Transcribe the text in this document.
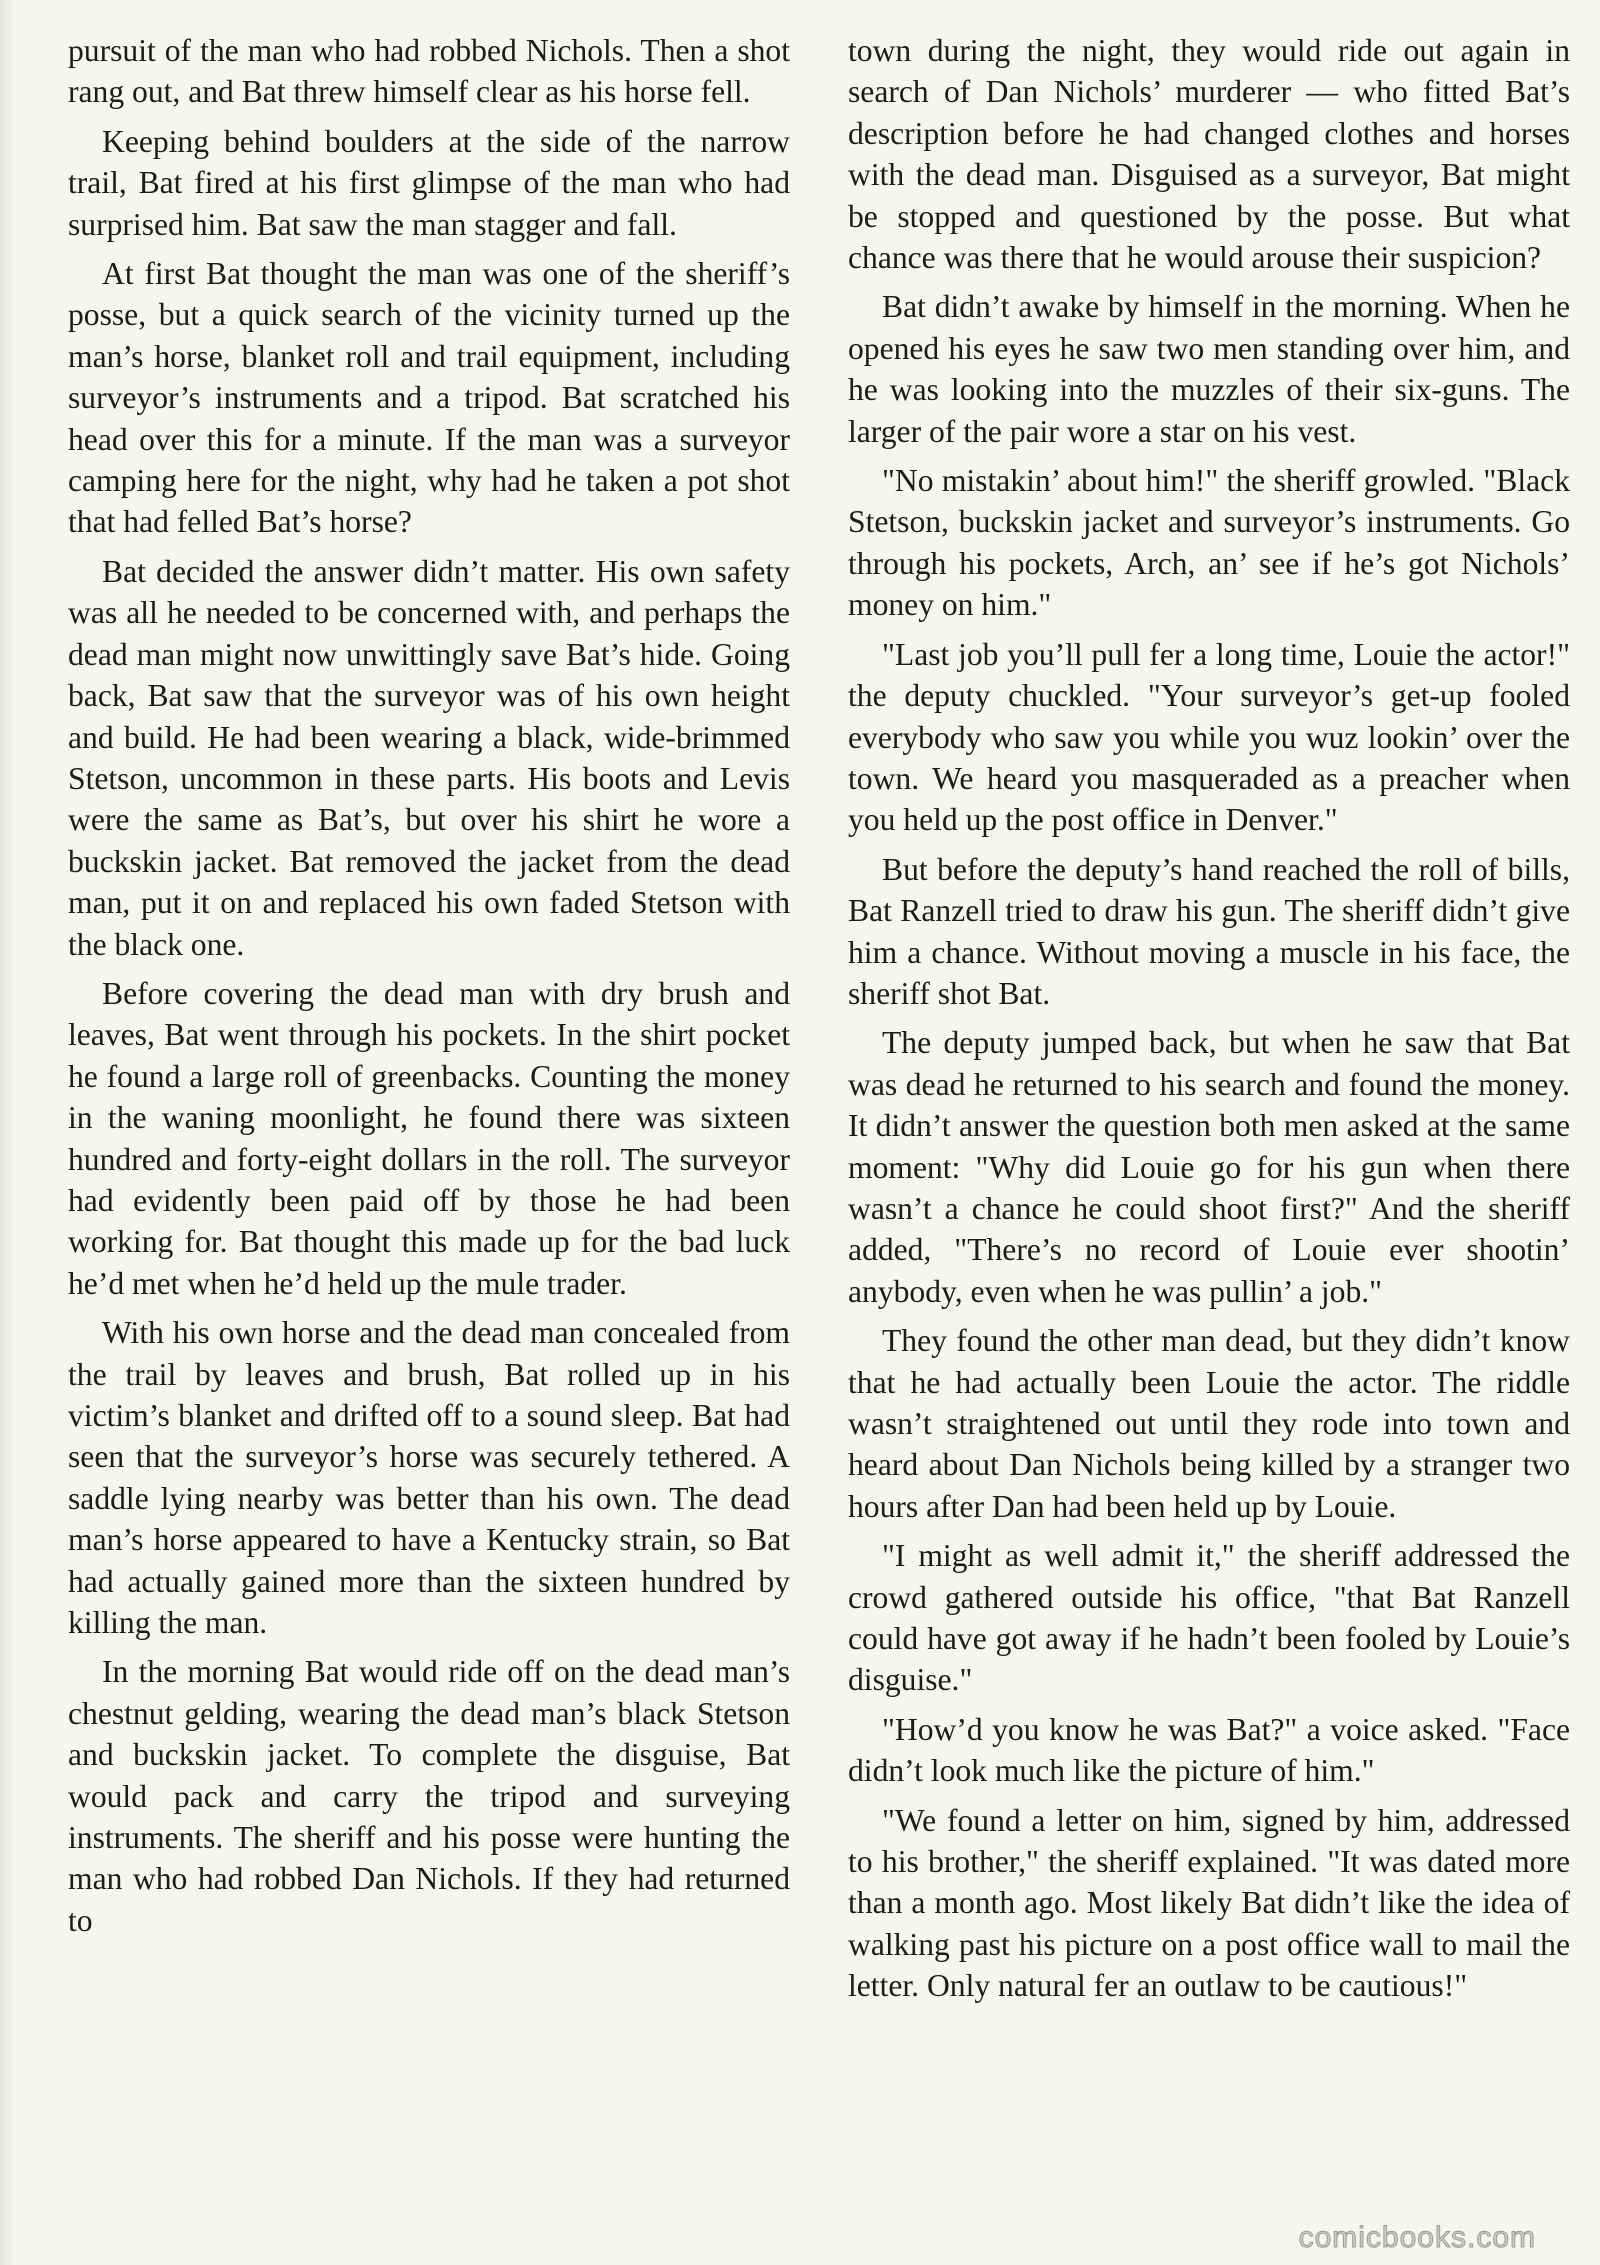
pursuit of the man who had robbed Nichols. Then a shot rang out, and Bat threw himself clear as his horse fell.

Keeping behind boulders at the side of the narrow trail, Bat fired at his first glimpse of the man who had surprised him. Bat saw the man stagger and fall.

At first Bat thought the man was one of the sheriff’s posse, but a quick search of the vicinity turned up the man’s horse, blanket roll and trail equipment, including surveyor’s instruments and a tripod. Bat scratched his head over this for a minute. If the man was a surveyor camping here for the night, why had he taken a pot shot that had felled Bat’s horse?

Bat decided the answer didn’t matter. His own safety was all he needed to be concerned with, and perhaps the dead man might now unwittingly save Bat’s hide. Going back, Bat saw that the surveyor was of his own height and build. He had been wearing a black, wide-brimmed Stetson, uncommon in these parts. His boots and Levis were the same as Bat’s, but over his shirt he wore a buckskin jacket. Bat removed the jacket from the dead man, put it on and replaced his own faded Stetson with the black one.

Before covering the dead man with dry brush and leaves, Bat went through his pockets. In the shirt pocket he found a large roll of greenbacks. Counting the money in the waning moonlight, he found there was sixteen hundred and forty-eight dollars in the roll. The surveyor had evidently been paid off by those he had been working for. Bat thought this made up for the bad luck he’d met when he’d held up the mule trader.

With his own horse and the dead man concealed from the trail by leaves and brush, Bat rolled up in his victim’s blanket and drifted off to a sound sleep. Bat had seen that the surveyor’s horse was securely tethered. A saddle lying nearby was better than his own. The dead man’s horse appeared to have a Kentucky strain, so Bat had actually gained more than the sixteen hundred by killing the man.

In the morning Bat would ride off on the dead man’s chestnut gelding, wearing the dead man’s black Stetson and buckskin jacket. To complete the disguise, Bat would pack and carry the tripod and surveying instruments. The sheriff and his posse were hunting the man who had robbed Dan Nichols. If they had returned to

town during the night, they would ride out again in search of Dan Nichols’ murderer — who fitted Bat’s description before he had changed clothes and horses with the dead man. Disguised as a surveyor, Bat might be stopped and questioned by the posse. But what chance was there that he would arouse their suspicion?

Bat didn’t awake by himself in the morning. When he opened his eyes he saw two men standing over him, and he was looking into the muzzles of their six-guns. The larger of the pair wore a star on his vest.

"No mistakin’ about him!" the sheriff growled. "Black Stetson, buckskin jacket and surveyor’s instruments. Go through his pockets, Arch, an’ see if he’s got Nichols’ money on him."

"Last job you’ll pull fer a long time, Louie the actor!" the deputy chuckled. "Your surveyor’s get-up fooled everybody who saw you while you wuz lookin’ over the town. We heard you masqueraded as a preacher when you held up the post office in Denver."

But before the deputy’s hand reached the roll of bills, Bat Ranzell tried to draw his gun. The sheriff didn’t give him a chance. Without moving a muscle in his face, the sheriff shot Bat.

The deputy jumped back, but when he saw that Bat was dead he returned to his search and found the money. It didn’t answer the question both men asked at the same moment: "Why did Louie go for his gun when there wasn’t a chance he could shoot first?" And the sheriff added, "There’s no record of Louie ever shootin’ anybody, even when he was pullin’ a job."

They found the other man dead, but they didn’t know that he had actually been Louie the actor. The riddle wasn’t straightened out until they rode into town and heard about Dan Nichols being killed by a stranger two hours after Dan had been held up by Louie.

"I might as well admit it," the sheriff addressed the crowd gathered outside his office, "that Bat Ranzell could have got away if he hadn’t been fooled by Louie’s disguise."

"How’d you know he was Bat?" a voice asked. "Face didn’t look much like the picture of him."

"We found a letter on him, signed by him, addressed to his brother," the sheriff explained. "It was dated more than a month ago. Most likely Bat didn’t like the idea of walking past his picture on a post office wall to mail the letter. Only natural fer an outlaw to be cautious!"

comicbooks.com
